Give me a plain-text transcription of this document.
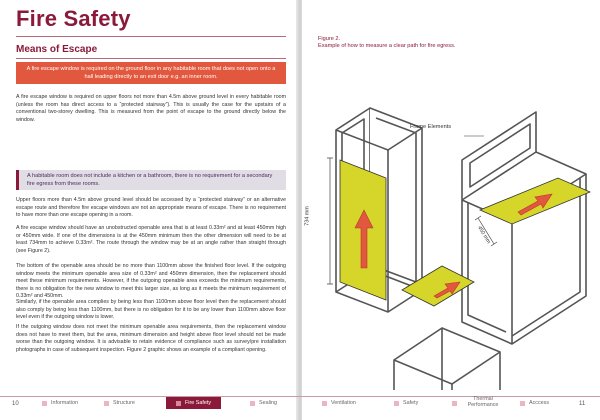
Fire Safety
Means of Escape
A fire escape window is required on the ground floor in any habitable room that does not open onto a hall leading directly to an exit door e.g. an inner room.

A fire escape window is required on upper floors not more than 4.5m above ground level in every habitable room (unless the room has direct access to a “protected stairway”). This is usually the case for the upstairs of a conventional two-storey dwelling. This is measured from the point of escape to the ground directly below the window.

A habitable room does not include a kitchen or a bathroom, there is no requirement for a secondary fire egress from these rooms.

Upper floors more than 4.5m above ground level should be accessed by a “protected stairway” or an alternative escape route and therefore fire escape windows are not an appropriate means of escape. There is no requirement to have more than one escape opening in a room.

A fire escape window should have an unobstructed openable area that is at least 0.33m² and at least 450mm high or 450mm wide. If one of the dimensions is at the 450mm minimum then the other dimension will need to be at least 734mm to achieve 0.33m². The route through the window may be at an angle rather than straight through (see Figure 2).

The bottom of the openable area should be no more than 1100mm above the finished floor level. If the outgoing window meets the minimum openable area size of 0.33m² and 450mm dimension, then the replacement should meet these minimum requirements. However, if the outgoing openable area exceeds the minimum requirements, there is no obligation for the new window to meet this larger size, as long as it meets the minimum requirement of 0.33m² and 450mm.

Similarly, if the openable area complies by being less than 1100mm above floor level then the replacement should also comply by being less than 1100mm, but there is no obligation for it to be any lower than 1100mm above floor level even if the outgoing window is lower.

If the outgoing window does not meet the minimum openable area requirements, then the replacement window does not have to meet them, but the area, minimum dimension and height above floor level should not be made worse than the outgoing window. It is advisable to retain evidence of compliance such as survey/pre installation photographs in case of subsequent inspection. Figure 2 graphic shows an example of a compliant opening.

Figure 2.
Example of how to measure a clear path for fire egress.
Frame Elements
734 mm
450 mm
10	11
Information	Structure	Fire Safety	Sealing	Ventilation	Safety
Thermal Performance	Acccess
